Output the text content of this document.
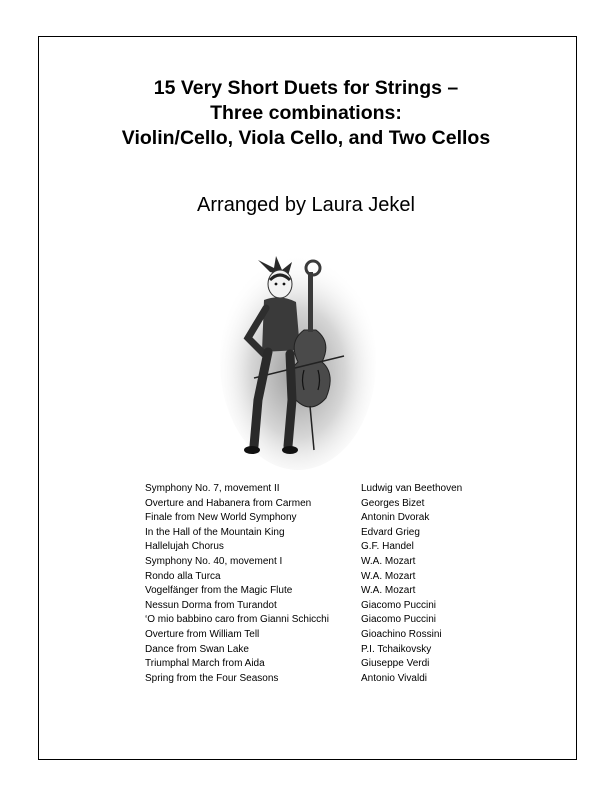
15 Very Short Duets for Strings –
Three combinations:
Violin/Cello, Viola Cello, and Two Cellos
Arranged by Laura Jekel
Symphony No. 7, movement II	Ludwig van Beethoven
Overture and Habanera from Carmen	Georges Bizet
Finale from New World Symphony	Antonin Dvorak
In the Hall of the Mountain King	Edvard Grieg
Hallelujah Chorus	G.F. Handel
Symphony No. 40, movement I	W.A. Mozart
Rondo alla Turca	W.A. Mozart
Vogelfänger from the Magic Flute	W.A. Mozart
Nessun Dorma from Turandot	Giacomo Puccini
‘O mio babbino caro from Gianni Schicchi	Giacomo Puccini
Overture from William Tell	Gioachino Rossini
Dance from Swan Lake	P.I. Tchaikovsky
Triumphal March from Aida	Giuseppe Verdi
Spring from the Four Seasons	Antonio Vivaldi
